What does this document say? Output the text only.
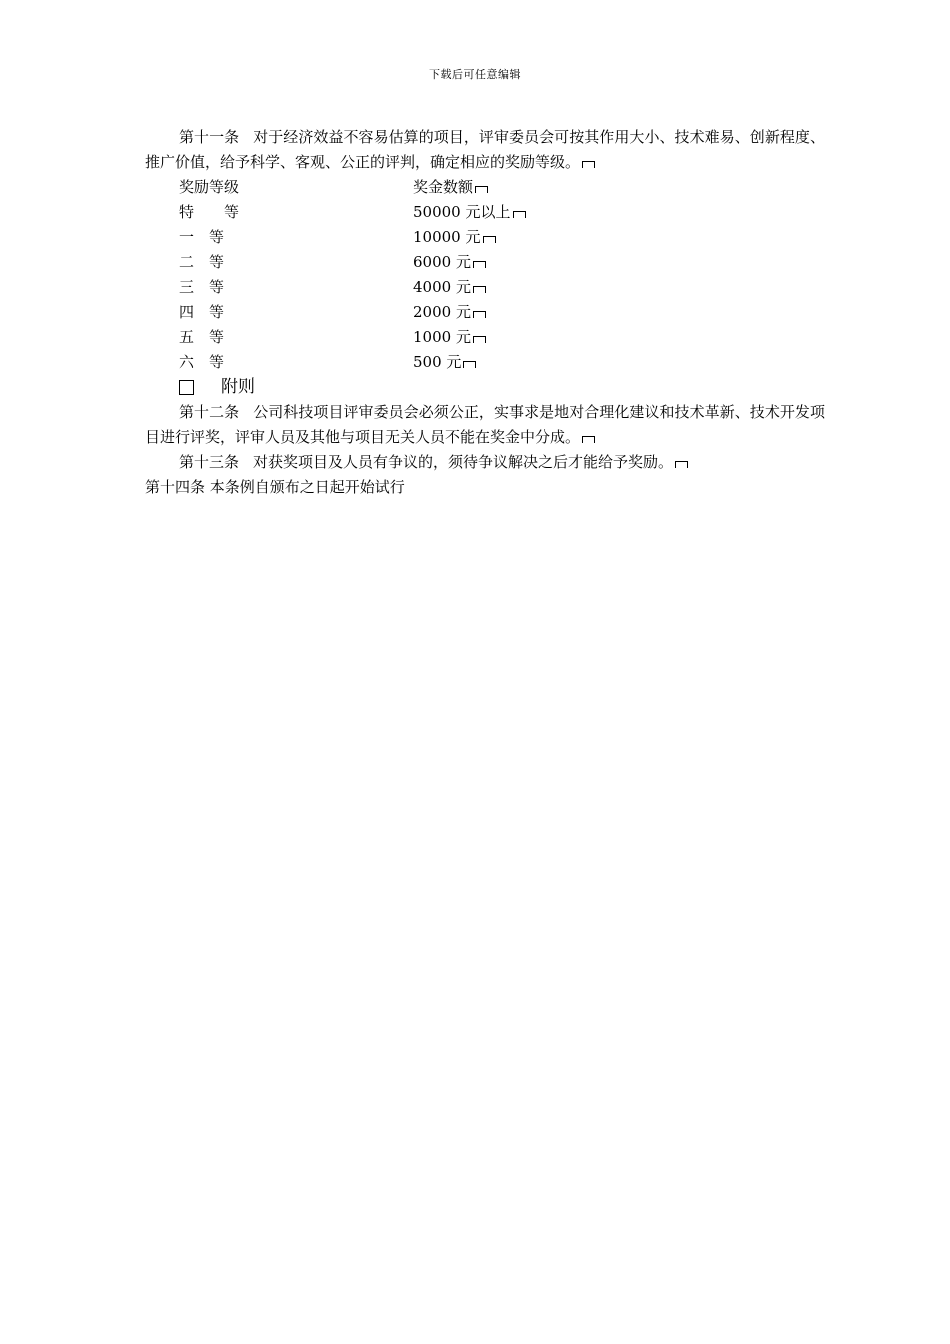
下载后可任意编辑

第十一条 对于经济效益不容易估算的项目，评审委员会可按其作用大小、技术难易、创新程度、推广价值，给予科学、客观、公正的评判，确定相应的奖励等级。

奖励等级	奖金数额
特　　等	50000 元以上
一　等	10000 元
二　等	6000 元
三　等	4000 元
四　等	2000 元
五　等	1000 元
六　等	500 元
附则

第十二条 公司科技项目评审委员会必须公正，实事求是地对合理化建议和技术革新、技术开发项目进行评奖，评审人员及其他与项目无关人员不能在奖金中分成。

第十三条 对获奖项目及人员有争议的，须待争议解决之后才能给予奖励。

第十四条 本条例自颁布之日起开始试行
